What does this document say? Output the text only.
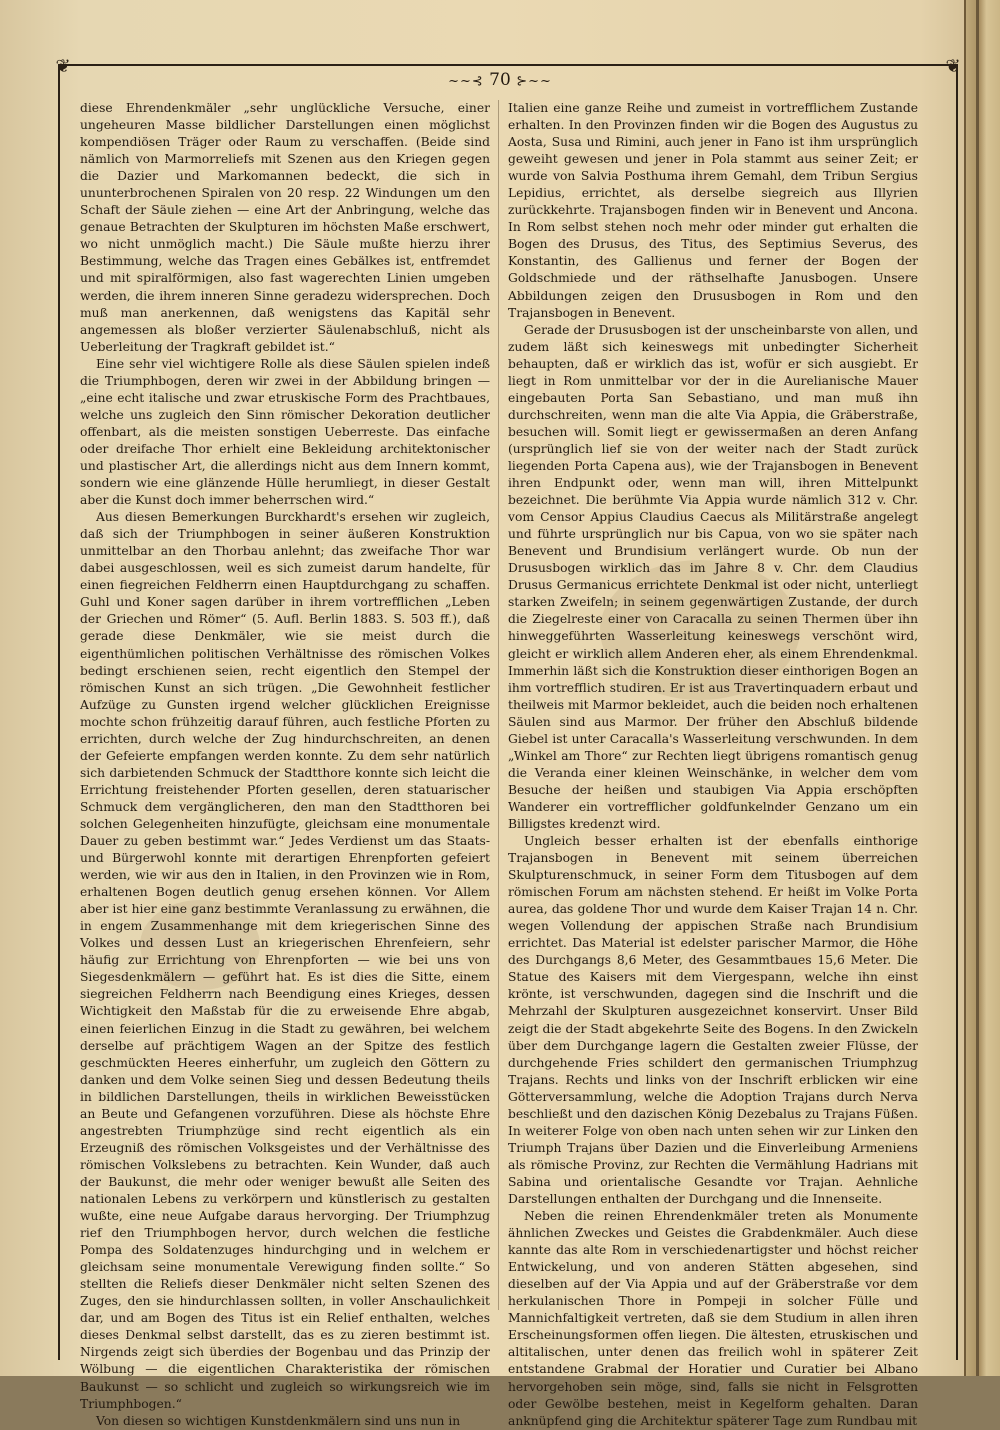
❦	❦
~~⊰ 70 ⊱~~

diese Ehrendenkmäler „sehr unglückliche Versuche, einer ungeheuren Masse bildlicher Darstellungen einen möglichst kompendiösen Träger oder Raum zu verschaffen. (Beide sind nämlich von Marmorreliefs mit Szenen aus den Kriegen gegen die Dazier und Markomannen bedeckt, die sich in ununterbrochenen Spiralen von 20 resp. 22 Windungen um den Schaft der Säule ziehen — eine Art der Anbringung, welche das genaue Betrachten der Skulpturen im höchsten Maße erschwert, wo nicht unmöglich macht.) Die Säule mußte hierzu ihrer Bestimmung, welche das Tragen eines Gebälkes ist, entfremdet und mit spiralförmigen, also fast wagerechten Linien umgeben werden, die ihrem inneren Sinne geradezu widersprechen. Doch muß man anerkennen, daß wenigstens das Kapitäl sehr angemessen als bloßer verzierter Säulenabschluß, nicht als Ueberleitung der Tragkraft gebildet ist.“

Eine sehr viel wichtigere Rolle als diese Säulen spielen indeß die Triumphbogen, deren wir zwei in der Abbildung bringen — „eine echt italische und zwar etruskische Form des Prachtbaues, welche uns zugleich den Sinn römischer Dekoration deutlicher offenbart, als die meisten sonstigen Ueberreste. Das einfache oder dreifache Thor erhielt eine Bekleidung architektonischer und plastischer Art, die allerdings nicht aus dem Innern kommt, sondern wie eine glänzende Hülle herumliegt, in dieser Gestalt aber die Kunst doch immer beherrschen wird.“

Aus diesen Bemerkungen Burckhardt's ersehen wir zugleich, daß sich der Triumphbogen in seiner äußeren Konstruktion unmittelbar an den Thorbau anlehnt; das zweifache Thor war dabei ausgeschlossen, weil es sich zumeist darum handelte, für einen fiegreichen Feldherrn einen Hauptdurchgang zu schaffen. Guhl und Koner sagen darüber in ihrem vortrefflichen „Leben der Griechen und Römer“ (5. Aufl. Berlin 1883. S. 503 ff.), daß gerade diese Denkmäler, wie sie meist durch die eigenthümlichen politischen Verhältnisse des römischen Volkes bedingt erschienen seien, recht eigentlich den Stempel der römischen Kunst an sich trügen. „Die Gewohnheit festlicher Aufzüge zu Gunsten irgend welcher glücklichen Ereignisse mochte schon frühzeitig darauf führen, auch festliche Pforten zu errichten, durch welche der Zug hindurchschreiten, an denen der Gefeierte empfangen werden konnte. Zu dem sehr natürlich sich darbietenden Schmuck der Stadtthore konnte sich leicht die Errichtung freistehender Pforten gesellen, deren statuarischer Schmuck dem vergänglicheren, den man den Stadtthoren bei solchen Gelegenheiten hinzufügte, gleichsam eine monumentale Dauer zu geben bestimmt war.“ Jedes Verdienst um das Staats- und Bürgerwohl konnte mit derartigen Ehrenpforten gefeiert werden, wie wir aus den in Italien, in den Provinzen wie in Rom, erhaltenen Bogen deutlich genug ersehen können. Vor Allem aber ist hier eine ganz bestimmte Veranlassung zu erwähnen, die in engem Zusammenhange mit dem kriegerischen Sinne des Volkes und dessen Lust an kriegerischen Ehrenfeiern, sehr häufig zur Errichtung von Ehrenpforten — wie bei uns von Siegesdenkmälern — geführt hat. Es ist dies die Sitte, einem siegreichen Feldherrn nach Beendigung eines Krieges, dessen Wichtigkeit den Maßstab für die zu erweisende Ehre abgab, einen feierlichen Einzug in die Stadt zu gewähren, bei welchem derselbe auf prächtigem Wagen an der Spitze des festlich geschmückten Heeres einherfuhr, um zugleich den Göttern zu danken und dem Volke seinen Sieg und dessen Bedeutung theils in bildlichen Darstellungen, theils in wirklichen Beweisstücken an Beute und Gefangenen vorzuführen. Diese als höchste Ehre angestrebten Triumphzüge sind recht eigentlich als ein Erzeugniß des römischen Volksgeistes und der Verhältnisse des römischen Volkslebens zu betrachten. Kein Wunder, daß auch der Baukunst, die mehr oder weniger bewußt alle Seiten des nationalen Lebens zu verkörpern und künstlerisch zu gestalten wußte, eine neue Aufgabe daraus hervorging. Der Triumphzug rief den Triumphbogen hervor, durch welchen die festliche Pompa des Soldatenzuges hindurchging und in welchem er gleichsam seine monumentale Verewigung finden sollte.“ So stellten die Reliefs dieser Denkmäler nicht selten Szenen des Zuges, den sie hindurchlassen sollten, in voller Anschaulichkeit dar, und am Bogen des Titus ist ein Relief enthalten, welches dieses Denkmal selbst darstellt, das es zu zieren bestimmt ist. Nirgends zeigt sich überdies der Bogenbau und das Prinzip der Wölbung — die eigentlichen Charakteristika der römischen Baukunst — so schlicht und zugleich so wirkungsreich wie im Triumphbogen.“

Von diesen so wichtigen Kunstdenkmälern sind uns nun in

Italien eine ganze Reihe und zumeist in vortrefflichem Zustande erhalten. In den Provinzen finden wir die Bogen des Augustus zu Aosta, Susa und Rimini, auch jener in Fano ist ihm ursprünglich geweiht gewesen und jener in Pola stammt aus seiner Zeit; er wurde von Salvia Posthuma ihrem Gemahl, dem Tribun Sergius Lepidius, errichtet, als derselbe siegreich aus Illyrien zurückkehrte. Trajansbogen finden wir in Benevent und Ancona. In Rom selbst stehen noch mehr oder minder gut erhalten die Bogen des Drusus, des Titus, des Septimius Severus, des Konstantin, des Gallienus und ferner der Bogen der Goldschmiede und der räthselhafte Janusbogen. Unsere Abbildungen zeigen den Drususbogen in Rom und den Trajansbogen in Benevent.

Gerade der Drususbogen ist der unscheinbarste von allen, und zudem läßt sich keineswegs mit unbedingter Sicherheit behaupten, daß er wirklich das ist, wofür er sich ausgiebt. Er liegt in Rom unmittelbar vor der in die Aurelianische Mauer eingebauten Porta San Sebastiano, und man muß ihn durchschreiten, wenn man die alte Via Appia, die Gräberstraße, besuchen will. Somit liegt er gewissermaßen an deren Anfang (ursprünglich lief sie von der weiter nach der Stadt zurück liegenden Porta Capena aus), wie der Trajansbogen in Benevent ihren Endpunkt oder, wenn man will, ihren Mittelpunkt bezeichnet. Die berühmte Via Appia wurde nämlich 312 v. Chr. vom Censor Appius Claudius Caecus als Militärstraße angelegt und führte ursprünglich nur bis Capua, von wo sie später nach Benevent und Brundisium verlängert wurde. Ob nun der Drususbogen wirklich das im Jahre 8 v. Chr. dem Claudius Drusus Germanicus errichtete Denkmal ist oder nicht, unterliegt starken Zweifeln; in seinem gegenwärtigen Zustande, der durch die Ziegelreste einer von Caracalla zu seinen Thermen über ihn hinweggeführten Wasserleitung keineswegs verschönt wird, gleicht er wirklich allem Anderen eher, als einem Ehrendenkmal. Immerhin läßt sich die Konstruktion dieser einthorigen Bogen an ihm vortrefflich studiren. Er ist aus Travertinquadern erbaut und theilweis mit Marmor bekleidet, auch die beiden noch erhaltenen Säulen sind aus Marmor. Der früher den Abschluß bildende Giebel ist unter Caracalla's Wasserleitung verschwunden. In dem „Winkel am Thore“ zur Rechten liegt übrigens romantisch genug die Veranda einer kleinen Weinschänke, in welcher dem vom Besuche der heißen und staubigen Via Appia erschöpften Wanderer ein vortrefflicher goldfunkelnder Genzano um ein Billigstes kredenzt wird.

Ungleich besser erhalten ist der ebenfalls einthorige Trajansbogen in Benevent mit seinem überreichen Skulpturenschmuck, in seiner Form dem Titusbogen auf dem römischen Forum am nächsten stehend. Er heißt im Volke Porta aurea, das goldene Thor und wurde dem Kaiser Trajan 14 n. Chr. wegen Vollendung der appischen Straße nach Brundisium errichtet. Das Material ist edelster parischer Marmor, die Höhe des Durchgangs 8,6 Meter, des Gesammtbaues 15,6 Meter. Die Statue des Kaisers mit dem Viergespann, welche ihn einst krönte, ist verschwunden, dagegen sind die Inschrift und die Mehrzahl der Skulpturen ausgezeichnet konservirt. Unser Bild zeigt die der Stadt abgekehrte Seite des Bogens. In den Zwickeln über dem Durchgange lagern die Gestalten zweier Flüsse, der durchgehende Fries schildert den germanischen Triumphzug Trajans. Rechts und links von der Inschrift erblicken wir eine Götterversammlung, welche die Adoption Trajans durch Nerva beschließt und den dazischen König Dezebalus zu Trajans Füßen. In weiterer Folge von oben nach unten sehen wir zur Linken den Triumph Trajans über Dazien und die Einverleibung Armeniens als römische Provinz, zur Rechten die Vermählung Hadrians mit Sabina und orientalische Gesandte vor Trajan. Aehnliche Darstellungen enthalten der Durchgang und die Innenseite.

Neben die reinen Ehrendenkmäler treten als Monumente ähnlichen Zweckes und Geistes die Grabdenkmäler. Auch diese kannte das alte Rom in verschiedenartigster und höchst reicher Entwickelung, und von anderen Stätten abgesehen, sind dieselben auf der Via Appia und auf der Gräberstraße vor dem herkulanischen Thore in Pompeji in solcher Fülle und Mannichfaltigkeit vertreten, daß sie dem Studium in allen ihren Erscheinungsformen offen liegen. Die ältesten, etruskischen und altitalischen, unter denen das freilich wohl in späterer Zeit entstandene Grabmal der Horatier und Curatier bei Albano hervorgehoben sein möge, sind, falls sie nicht in Felsgrotten oder Gewölbe bestehen, meist in Kegelform gehalten. Daran anknüpfend ging die Architektur späterer Tage zum Rundbau mit
